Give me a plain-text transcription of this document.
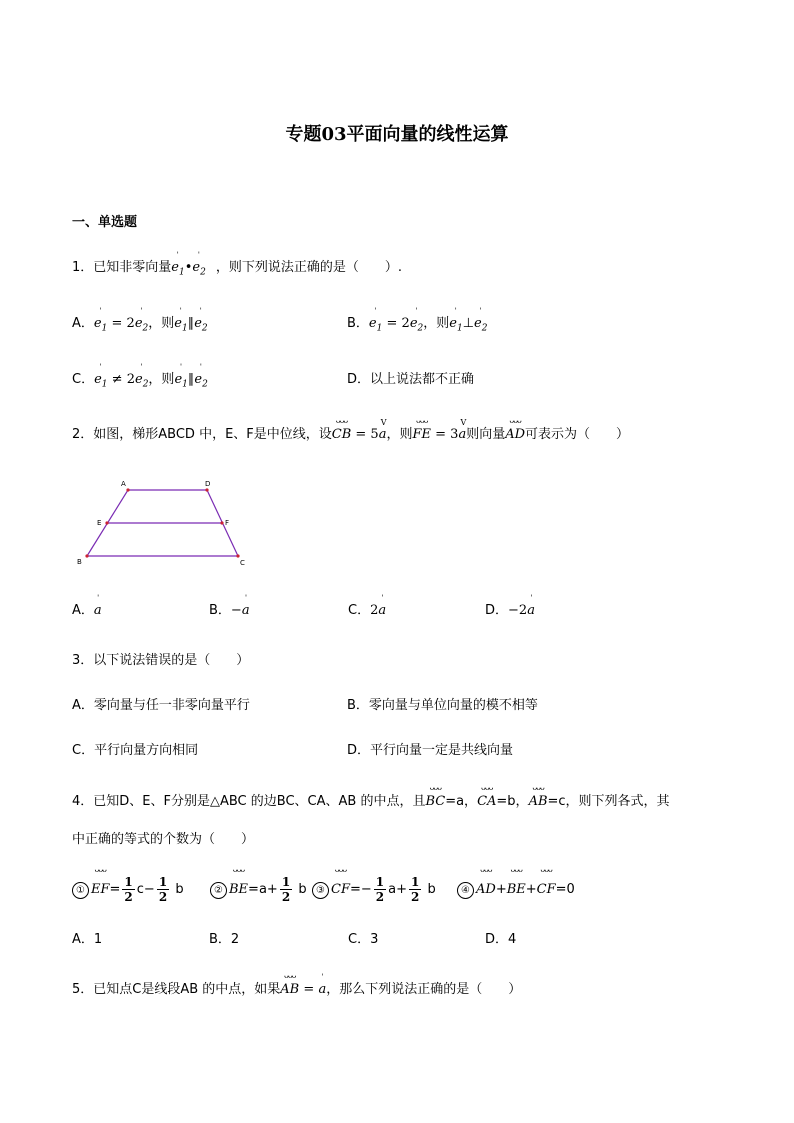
专题03平面向量的线性运算
一、单选题
1．已知非零向量
ˈ
$e_1•$
ˈ
$e_2$ ，则下列说法正确的是（　　）.
A．
ˈ
$e_1 = 2$
ˈ
$e_2$，则
ˈ
$e_1\parallel$
ˈ
$e_2$	B．
ˈ
$e_1 = 2$
ˈ
$e_2$，则
ˈ
$e_1\perp$
ˈ
$e_2$
C．
ˈ
$e_1 \ne 2$
ˈ
$e_2$，则
ˈ
$e_1\parallel$
ˈ
$e_2$	D．以上说法都不正确
2．如图，梯形ABCD 中，E、F是中位线，设
ᴗᴗᴗ
CB = 5
V
a，则
ᴗᴗᴗ
FE = 3
V
a则向量
ᴗᴗᴗ
AD可表示为（　　）
A	D
E	F
B	C
A．
ˈ
a	B．−
ˈ
a	C．2
ˈ
a	D．−2
ˈ
a
3．以下说法错误的是（　　）
A．零向量与任一非零向量平行	B．零向量与单位向量的模不相等
C．平行向量方向相同	D．平行向量一定是共线向量
4．已知D、E、F分别是△ABC 的边BC、CA、AB 的中点，且
ᴗᴗᴗ
BC=a，
ᴗᴗᴗ
CA=b，
ᴗᴗᴗ
AB=c，则下列各式，其
中正确的等式的个数为（　　）
①
ᴗᴗᴗ
$EF= \frac{1}{2} c- \frac{1}{2}$ b	②
ᴗᴗᴗ
$BE=a+ \frac{1}{2}$ b ③
ᴗᴗᴗ
$CF=- \frac{1}{2} a+ \frac{1}{2}$ b	④
ᴗᴗᴗ
AD+
ᴗᴗᴗ
BE+
ᴗᴗᴗ
CF=0
A．1	B．2	C．3	D．4
5．已知点C是线段AB 的中点，如果
ᴗᴗᴗ
AB =
ˈ
a，那么下列说法正确的是（　　）
